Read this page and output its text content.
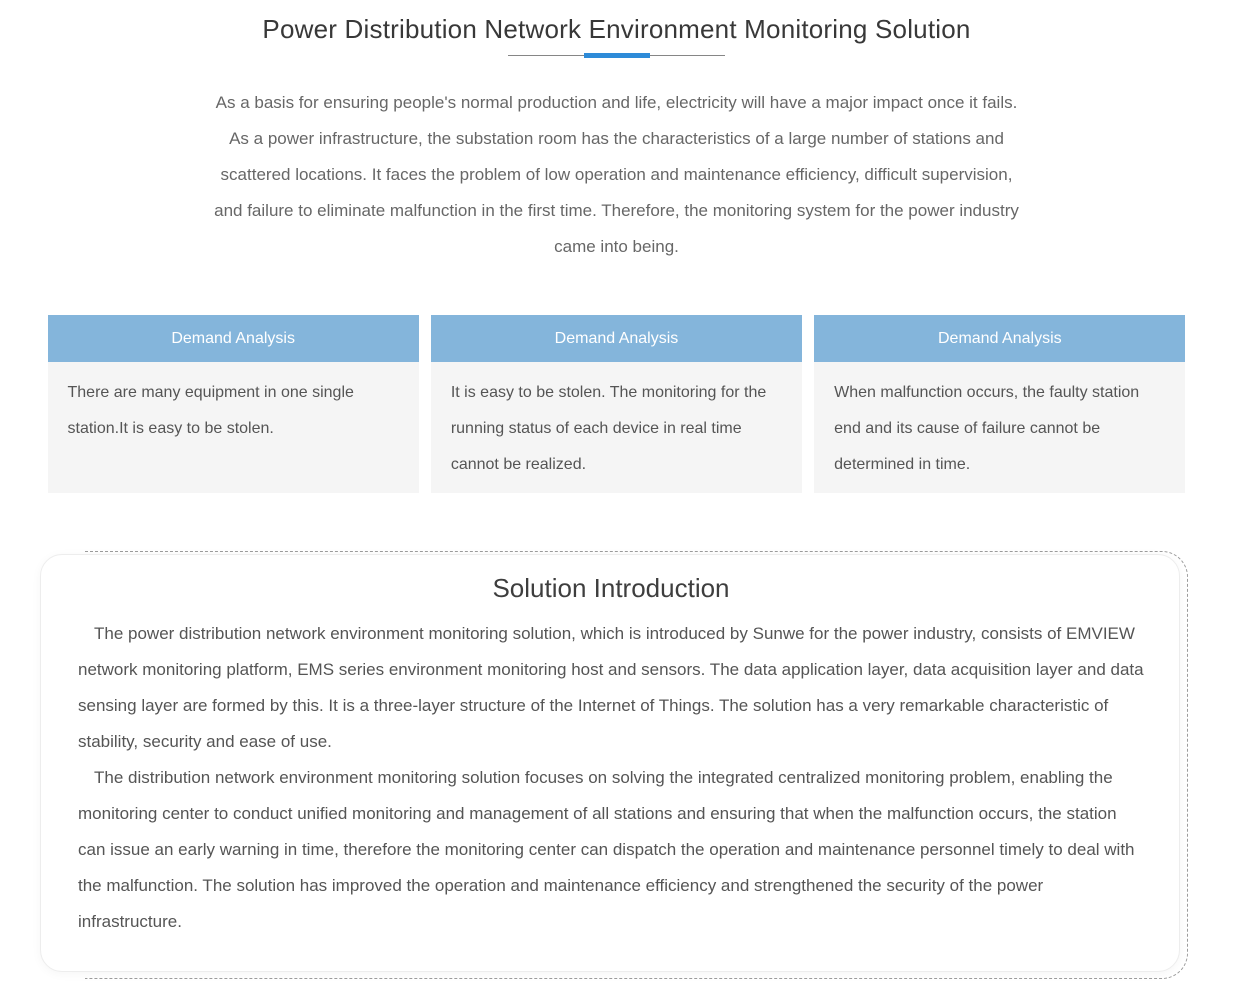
Power Distribution Network Environment Monitoring Solution

As a basis for ensuring people's normal production and life, electricity will have a major impact once it fails. As a power infrastructure, the substation room has the characteristics of a large number of stations and scattered locations. It faces the problem of low operation and maintenance efficiency, difficult supervision, and failure to eliminate malfunction in the first time. Therefore, the monitoring system for the power industry came into being.

Demand Analysis
There are many equipment in one single station.It is easy to be stolen.
Demand Analysis
It is easy to be stolen. The monitoring for the running status of each device in real time cannot be realized.
Demand Analysis
When malfunction occurs, the faulty station end and its cause of failure cannot be determined in time.
Solution Introduction

The power distribution network environment monitoring solution, which is introduced by Sunwe for the power industry, consists of EMVIEW network monitoring platform, EMS series environment monitoring host and sensors. The data application layer, data acquisition layer and data sensing layer are formed by this. It is a three-layer structure of the Internet of Things. The solution has a very remarkable characteristic of stability, security and ease of use.

The distribution network environment monitoring solution focuses on solving the integrated centralized monitoring problem, enabling the monitoring center to conduct unified monitoring and management of all stations and ensuring that when the malfunction occurs, the station can issue an early warning in time, therefore the monitoring center can dispatch the operation and maintenance personnel timely to deal with the malfunction. The solution has improved the operation and maintenance efficiency and strengthened the security of the power infrastructure.
